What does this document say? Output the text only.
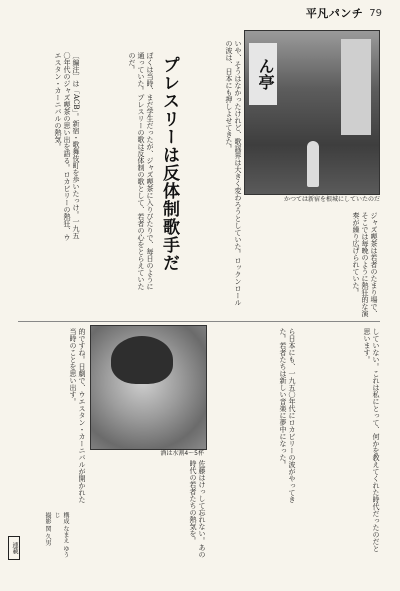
平凡パンチ 79
〔編注〕は「ACB」。新宿・歌舞伎町を歩いたっけ。一九五〇年代のジャズ喫茶の思い出を語る。ロカビリーの熱狂、ウエスタン・カーニバルの熱気。	ぼくは当時、まだ学生だったが、ジャズ喫茶に入りびたりで、毎日のように通っていた。プレスリーの歌は反体制の歌として、若者の心をとらえていたのだ。	プレスリーは反体制歌手だ	いや、そうはなかったけれど、歌謡界は大きく変わろうとしていた。ロックンロールの波は、日本にも押しよせてきた。	ん亭
かつては新宿を根城にしていたのだ
ジャズ喫茶は若者のたまり場で、そこでは毎晩のように熱狂的な演奏が繰り広げられていた。
的ですね。日劇で、ウエスタン・カーニバルが開かれた当時のことを思い出す。
酒は水割4〜5杯	ら日本にも、一九五〇年代にロカビリーの波がやってきた。若者たちは新しい音楽に夢中になった。	していない。これは私にとって、何かを教えてくれた時代だったのだと思います。
佐藤はけっして忘れない。あの時代の若者たちの熱気を。
構成 なまえ ゆうじ
撮影 関 久男
連載
